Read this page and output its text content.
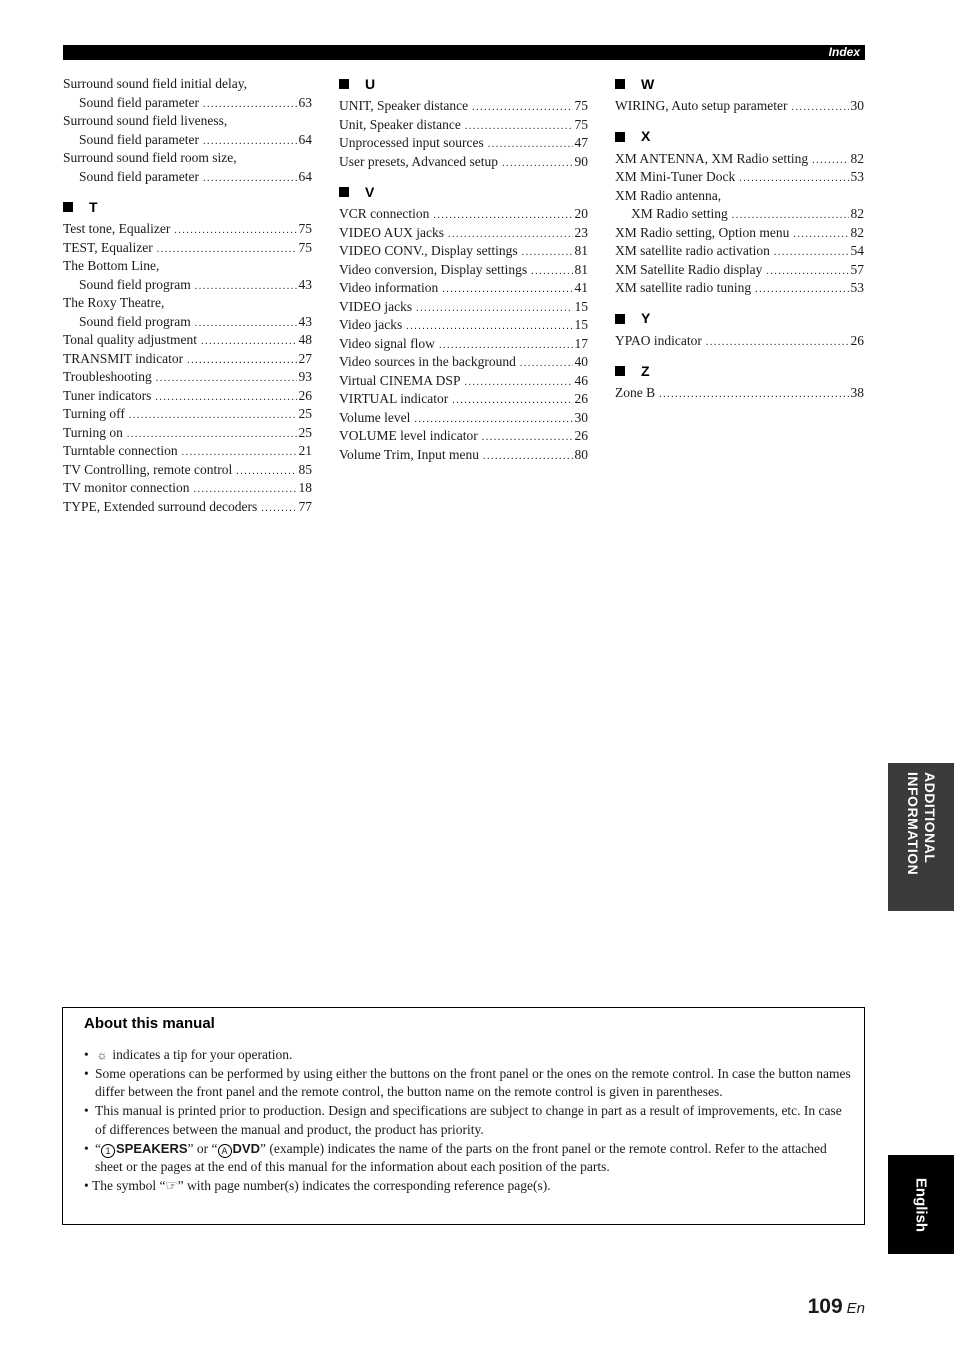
Index
Surround sound field initial delay,
Sound field parameter .....	63
Surround sound field liveness,
Sound field parameter .....	64
Surround sound field room size,
Sound field parameter .....	64
T
Test tone, Equalizer .....	75
TEST, Equalizer .....	75
The Bottom Line,
Sound field program .....	43
The Roxy Theatre,
Sound field program .....	43
Tonal quality adjustment .....	48
TRANSMIT indicator .....	27
Troubleshooting .....	93
Tuner indicators .....	26
Turning off .....	25
Turning on .....	25
Turntable connection .....	21
TV Controlling, remote control .....	85
TV monitor connection .....	18
TYPE, Extended surround decoders .....	77
U
UNIT, Speaker distance .....	75
Unit, Speaker distance .....	75
Unprocessed input sources .....	47
User presets, Advanced setup .....	90
V
VCR connection .....	20
VIDEO AUX jacks .....	23
VIDEO CONV., Display settings .....	81
Video conversion, Display settings .....	81
Video information .....	41
VIDEO jacks .....	15
Video jacks .....	15
Video signal flow .....	17
Video sources in the background .....	40
Virtual CINEMA DSP .....	46
VIRTUAL indicator .....	26
Volume level .....	30
VOLUME level indicator .....	26
Volume Trim, Input menu .....	80
W
WIRING, Auto setup parameter .....	30
X
XM ANTENNA, XM Radio setting .....	82
XM Mini-Tuner Dock .....	53
XM Radio antenna,
XM Radio setting .....	82
XM Radio setting, Option menu .....	82
XM satellite radio activation .....	54
XM Satellite Radio display .....	57
XM satellite radio tuning .....	53
Y
YPAO indicator .....	26
Z
Zone B .....	38
ADDITIONAL
INFORMATION
English
About this manual
• ☼ indicates a tip for your operation.
• Some operations can be performed by using either the buttons on the front panel or the ones on the remote control. In case the button names differ between the front panel and the remote control, the button name on the remote control is given in parentheses.
• This manual is printed prior to production. Design and specifications are subject to change in part as a result of improvements, etc. In case of differences between the manual and product, the product has priority.
• “ 1 SPEAKERS” or “ A DVD” (example) indicates the name of the parts on the front panel or the remote control. Refer to the attached sheet or the pages at the end of this manual for the information about each position of the parts.
• The symbol “☞” with page number(s) indicates the corresponding reference page(s).
109 En
